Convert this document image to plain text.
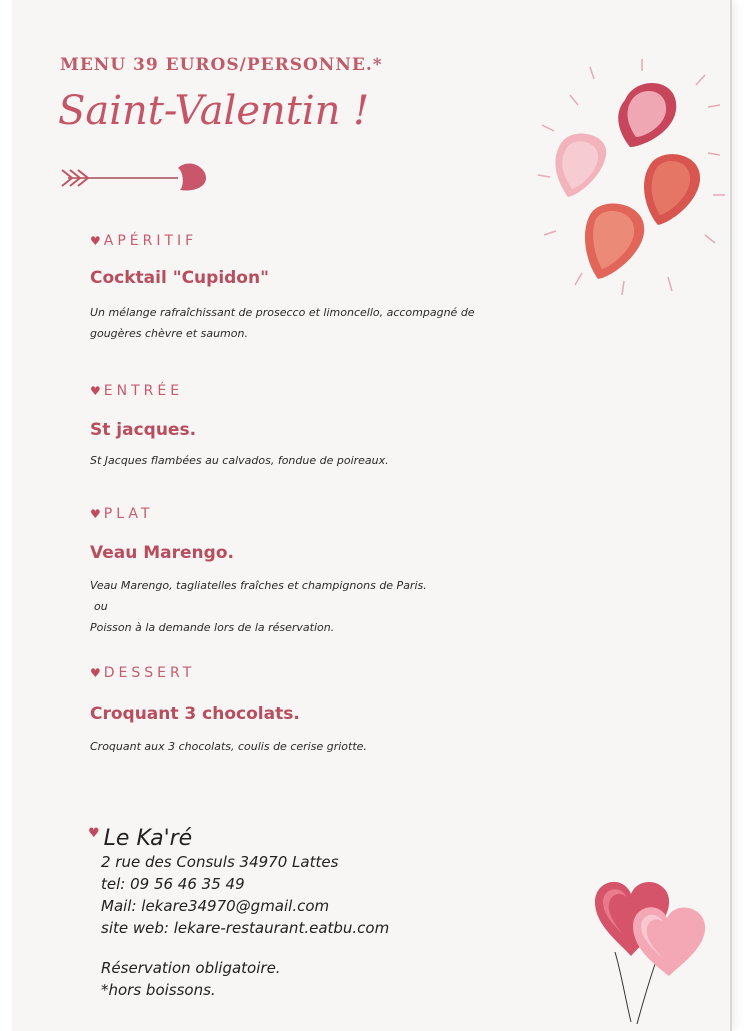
MENU 39 EUROS/PERSONNE.*
Saint-Valentin !
♥ APÉRITIF
Cocktail "Cupidon"
Un mélange rafraîchissant de prosecco et limoncello, accompagné de
gougères chèvre et saumon.
♥ ENTRÉE
St jacques.
St Jacques flambées au calvados, fondue de poireaux.
♥ PLAT
Veau Marengo.
Veau Marengo, tagliatelles fraîches et champignons de Paris.
ou
Poisson à la demande lors de la réservation.
♥ DESSERT
Croquant 3 chocolats.
Croquant aux 3 chocolats, coulis de cerise griotte.
♥ Le Ka'ré
2 rue des Consuls 34970 Lattes
tel: 09 56 46 35 49
Mail: lekare34970@gmail.com
site web: lekare-restaurant.eatbu.com
Réservation obligatoire.
*hors boissons.
